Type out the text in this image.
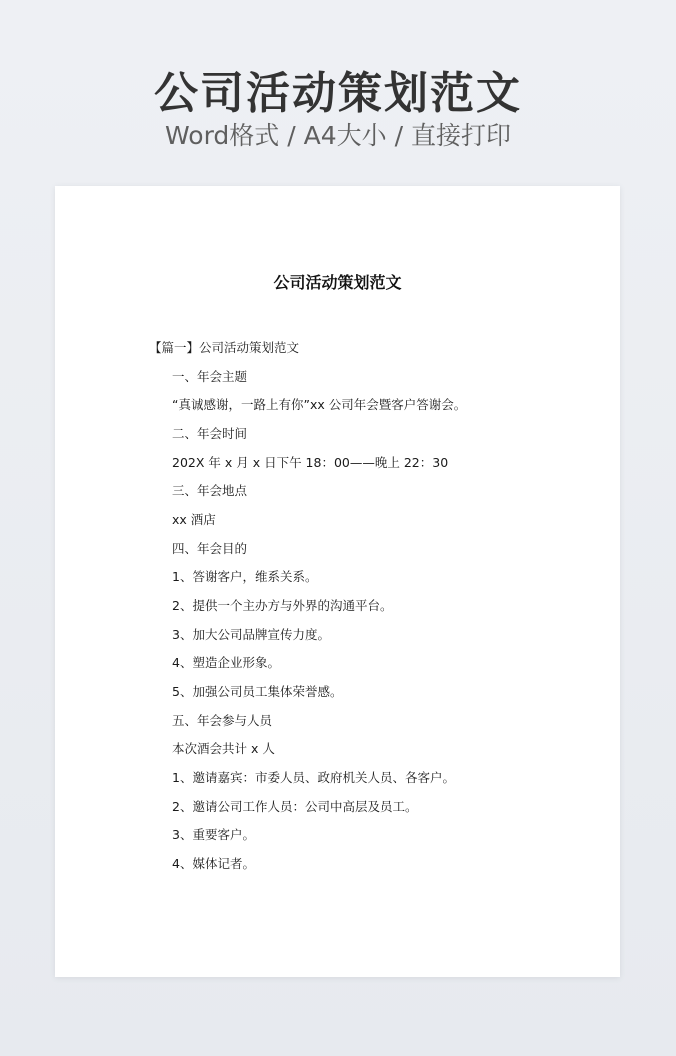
公司活动策划范文
Word格式 / A4大小 / 直接打印
公司活动策划范文
【篇一】公司活动策划范文
一、年会主题
“真诚感谢，一路上有你”xx 公司年会暨客户答谢会。
二、年会时间
202X 年 x 月 x 日下午 18：00——晚上 22：30
三、年会地点
xx 酒店
四、年会目的
1、答谢客户，维系关系。
2、提供一个主办方与外界的沟通平台。
3、加大公司品牌宣传力度。
4、塑造企业形象。
5、加强公司员工集体荣誉感。
五、年会参与人员
本次酒会共计 x 人
1、邀请嘉宾：市委人员、政府机关人员、各客户。
2、邀请公司工作人员：公司中高层及员工。
3、重要客户。
4、媒体记者。
